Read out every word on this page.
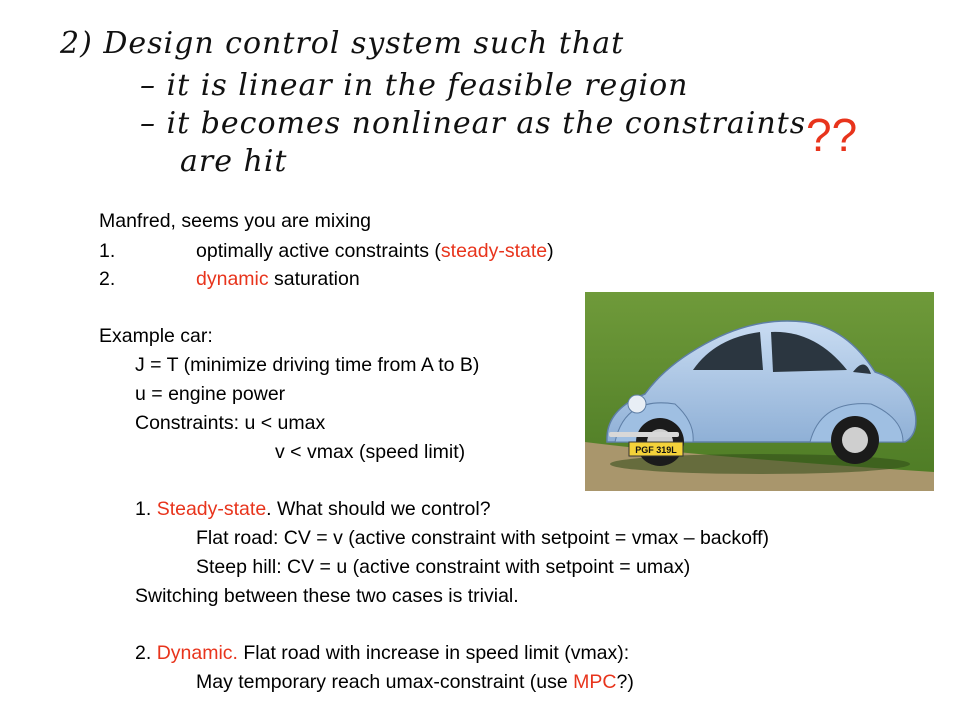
2) Design control system such that
– it is linear in the feasible region
– it becomes nonlinear as the constraints
are hit
??
Manfred, seems you are mixing
1.	optimally active constraints (steady-state)
2.	dynamic saturation
Example car:
J = T (minimize driving time from A to B)
u = engine power
Constraints: u < umax
v < vmax (speed limit)
1. Steady-state. What should we control?
Flat road: CV = v (active constraint with setpoint = vmax – backoff)
Steep hill: CV = u (active constraint with setpoint = umax)
Switching between these two cases is trivial.
2. Dynamic. Flat road with increase in speed limit (vmax):
May temporary reach umax-constraint (use MPC?)
PGF 319L
